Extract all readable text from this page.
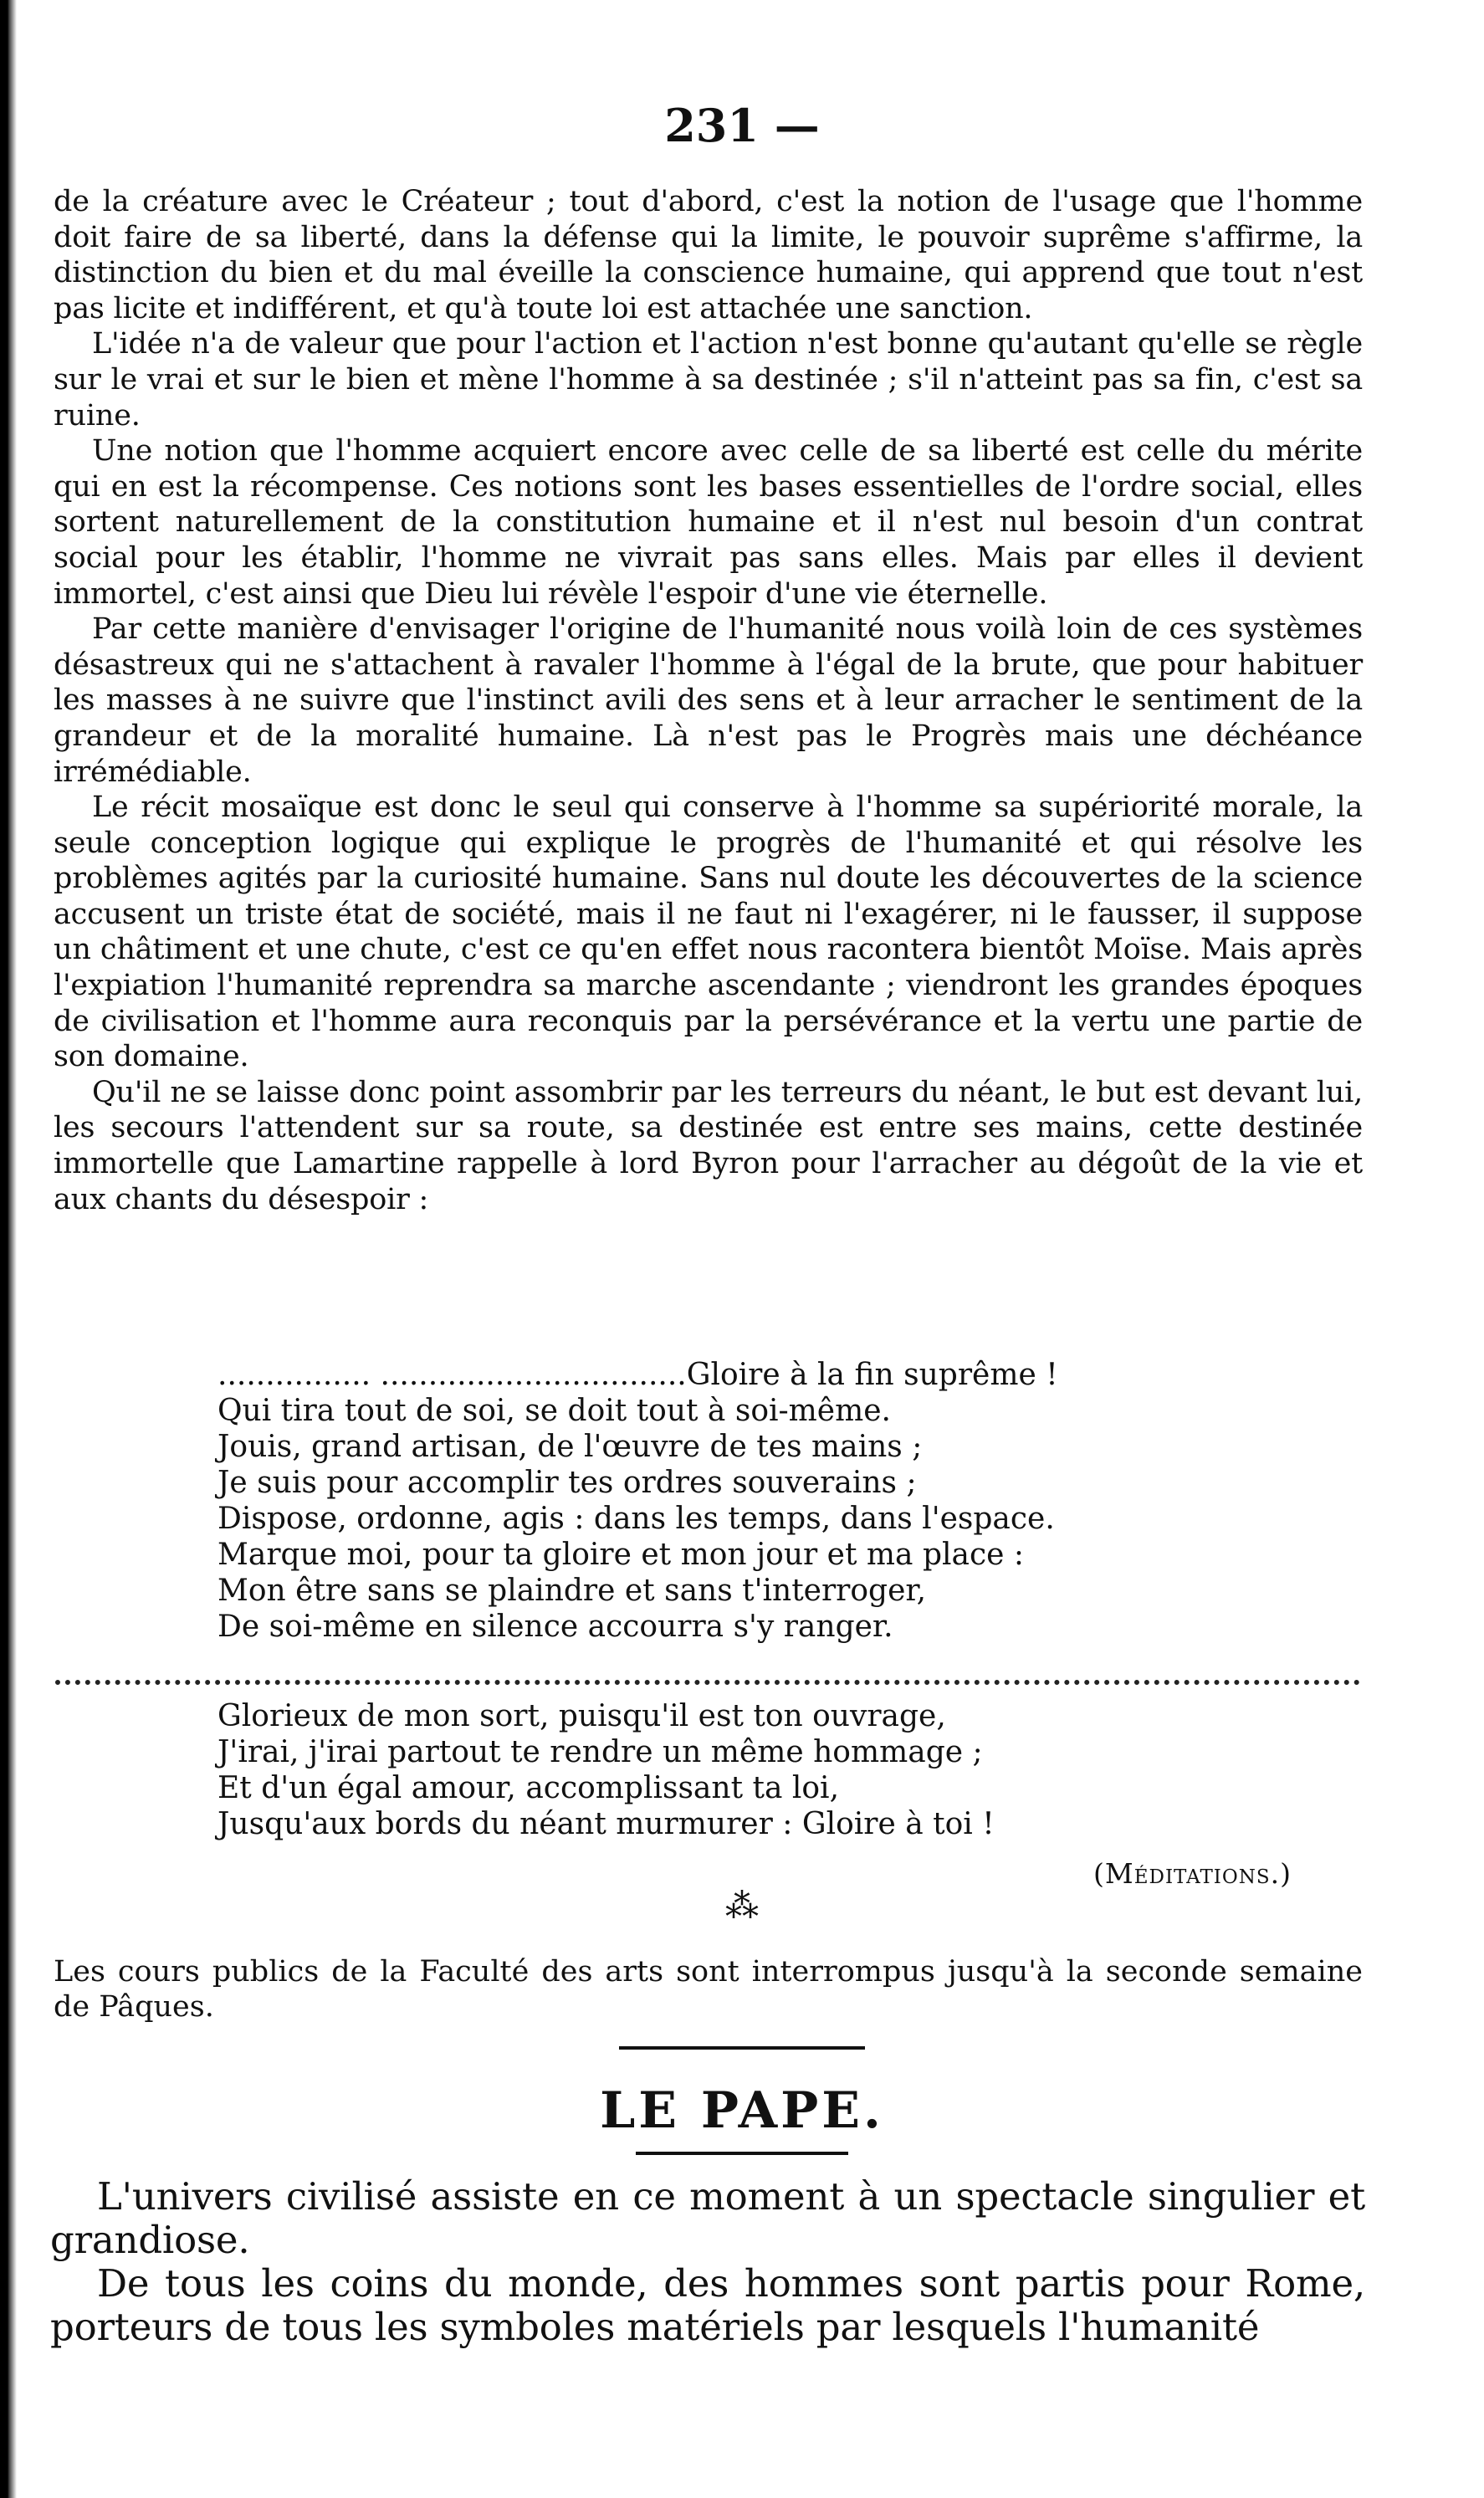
231 —

de la créature avec le Créateur ; tout d'abord, c'est la notion de l'usage que l'homme doit faire de sa liberté, dans la défense qui la limite, le pouvoir suprême s'affirme, la distinction du bien et du mal éveille la conscience humaine, qui apprend que tout n'est pas licite et indifférent, et qu'à toute loi est attachée une sanction.

L'idée n'a de valeur que pour l'action et l'action n'est bonne qu'autant qu'elle se règle sur le vrai et sur le bien et mène l'homme à sa destinée ; s'il n'atteint pas sa fin, c'est sa ruine.

Une notion que l'homme acquiert encore avec celle de sa liberté est celle du mérite qui en est la récompense. Ces notions sont les bases essentielles de l'ordre social, elles sortent naturellement de la constitution humaine et il n'est nul besoin d'un contrat social pour les établir, l'homme ne vivrait pas sans elles. Mais par elles il devient immortel, c'est ainsi que Dieu lui révèle l'espoir d'une vie éternelle.

Par cette manière d'envisager l'origine de l'humanité nous voilà loin de ces systèmes désastreux qui ne s'attachent à ravaler l'homme à l'égal de la brute, que pour habituer les masses à ne suivre que l'instinct avili des sens et à leur arracher le sentiment de la grandeur et de la moralité humaine. Là n'est pas le Progrès mais une déchéance irrémédiable.

Le récit mosaïque est donc le seul qui conserve à l'homme sa supériorité morale, la seule conception logique qui explique le progrès de l'humanité et qui résolve les problèmes agités par la curiosité humaine. Sans nul doute les découvertes de la science accusent un triste état de société, mais il ne faut ni l'exagérer, ni le fausser, il suppose un châtiment et une chute, c'est ce qu'en effet nous racontera bientôt Moïse. Mais après l'expiation l'humanité reprendra sa marche ascendante ; viendront les grandes époques de civilisation et l'homme aura reconquis par la persévérance et la vertu une partie de son domaine.

Qu'il ne se laisse donc point assombrir par les terreurs du néant, le but est devant lui, les secours l'attendent sur sa route, sa destinée est entre ses mains, cette destinée immortelle que Lamartine rappelle à lord Byron pour l'arracher au dégoût de la vie et aux chants du désespoir :

................ ................................Gloire à la fin suprême !
Qui tira tout de soi, se doit tout à soi-même.
Jouis, grand artisan, de l'œuvre de tes mains ;
Je suis pour accomplir tes ordres souverains ;
Dispose, ordonne, agis : dans les temps, dans l'espace.
Marque moi, pour ta gloire et mon jour et ma place :
Mon être sans se plaindre et sans t'interroger,
De soi-même en silence accourra s'y ranger.
Glorieux de mon sort, puisqu'il est ton ouvrage,
J'irai, j'irai partout te rendre un même hommage ;
Et d'un égal amour, accomplissant ta loi,
Jusqu'aux bords du néant murmurer : Gloire à toi !
(Méditations.)
⁂
Les cours publics de la Faculté des arts sont interrompus jusqu'à la seconde semaine de Pâques.
LE PAPE.

L'univers civilisé assiste en ce moment à un spectacle singulier et grandiose.

De tous les coins du monde, des hommes sont partis pour Rome, porteurs de tous les symboles matériels par lesquels l'humanité
